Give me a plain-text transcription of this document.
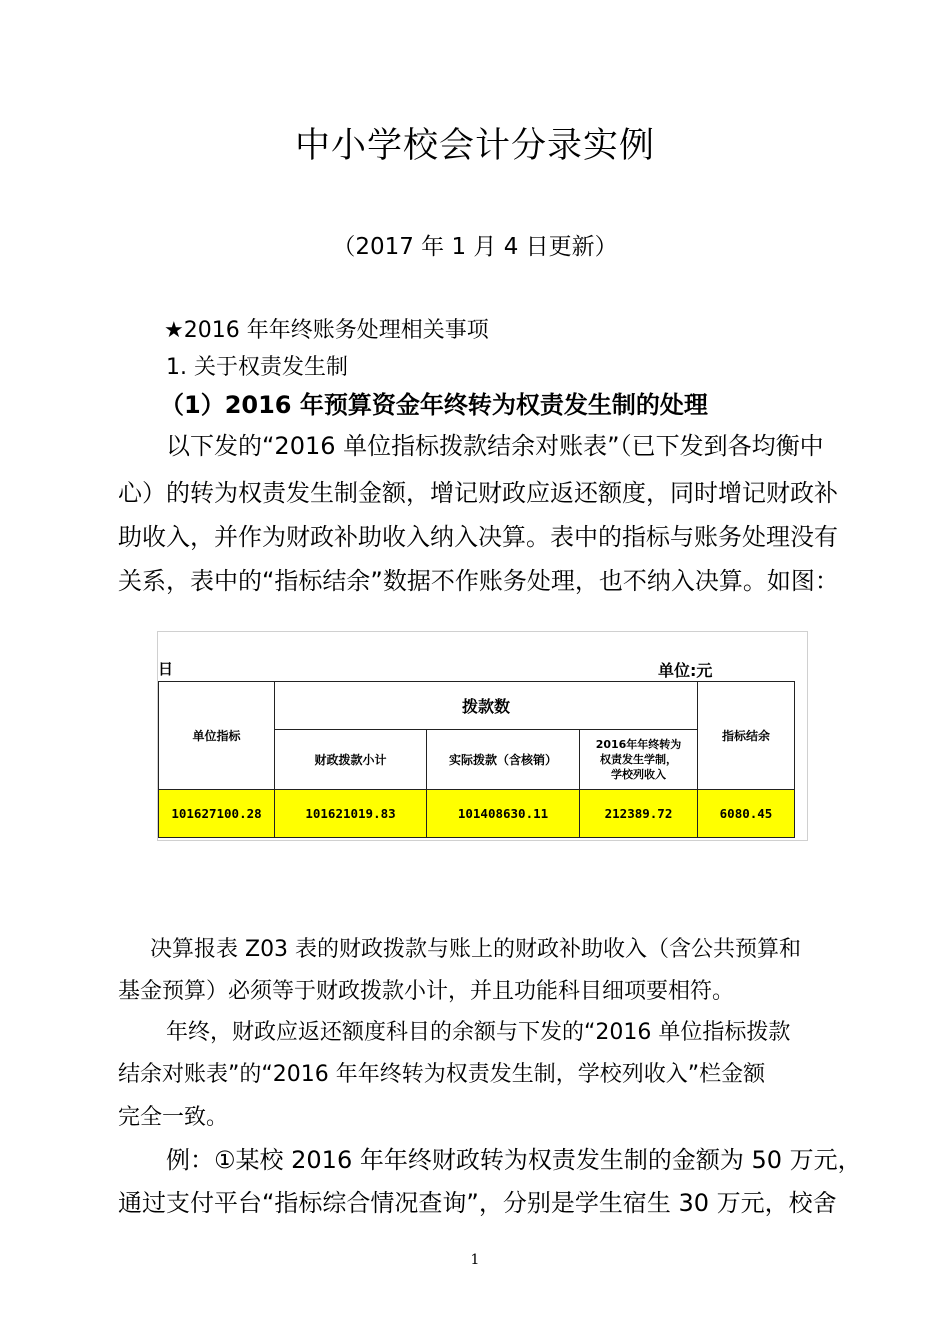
中小学校会计分录实例
（2017 年 1 月 4 日更新）
★2016 年年终账务处理相关事项
1. 关于权责发生制
（1）2016 年预算资金年终转为权责发生制的处理
以下发的“2016 单位指标拨款结余对账表”（已下发到各均衡中
心）的转为权责发生制金额，增记财政应返还额度，同时增记财政补
助收入，并作为财政补助收入纳入决算。表中的指标与账务处理没有
关系，表中的“指标结余”数据不作账务处理，也不纳入决算。如图：
日	单位:元
单位指标	拨款数			指标结余
	财政拨款小计	实际拨款（含核销）	2016年年终转为
权责发生学制，
学校列收入	

101627100.28	101621019.83	101408630.11	212389.72	6080.45
决算报表 Z03 表的财政拨款与账上的财政补助收入（含公共预算和
基金预算）必须等于财政拨款小计，并且功能科目细项要相符。
年终，财政应返还额度科目的余额与下发的“2016 单位指标拨款
结余对账表”的“2016 年年终转为权责发生制，学校列收入”栏金额
完全一致。
例：①某校 2016 年年终财政转为权责发生制的金额为 50 万元，
通过支付平台“指标综合情况查询”，分别是学生宿生 30 万元，校舍
1
